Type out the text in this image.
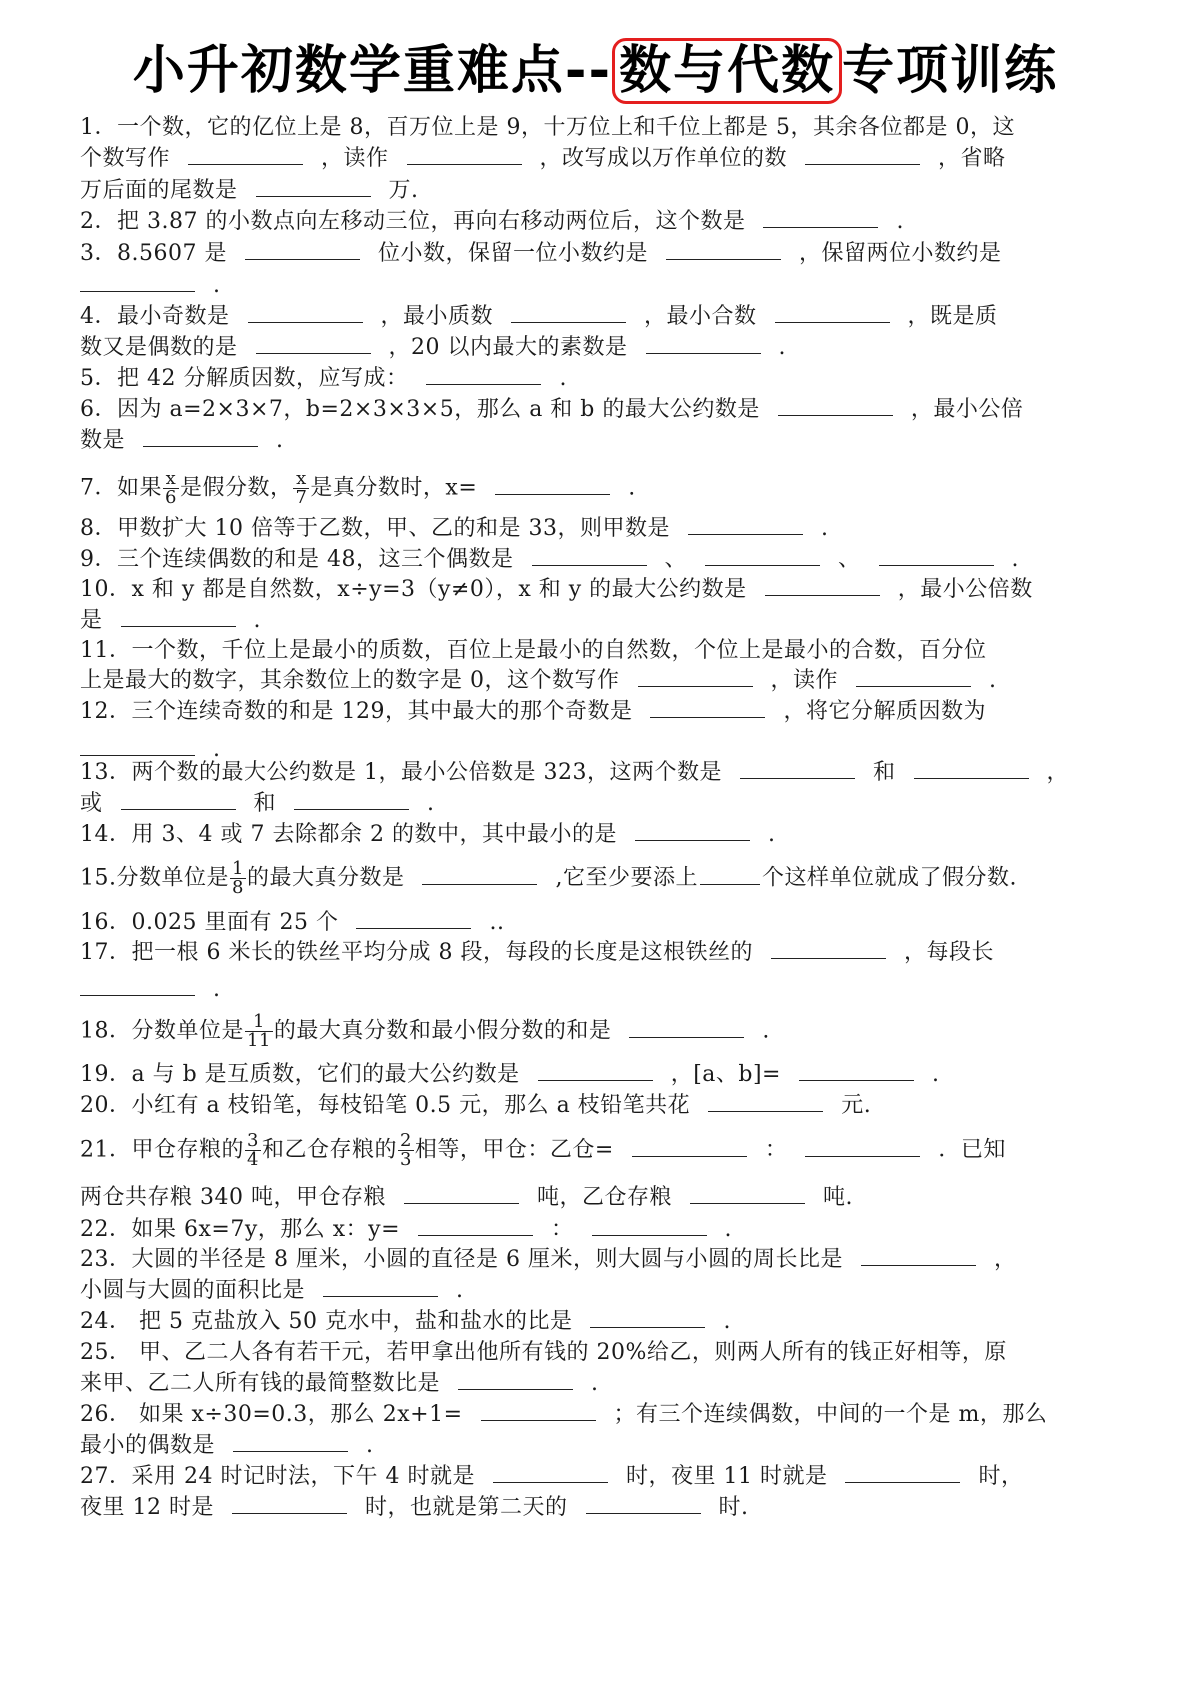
小升初数学重难点-- 数与代数 专项训练
1．一个数，它的亿位上是 8，百万位上是 9，十万位上和千位上都是 5，其余各位都是 0，这
个数写作	，读作	，改写成以万作单位的数	，省略
万后面的尾数是	万.
2．把 3.87 的小数点向左移动三位，再向右移动两位后，这个数是	.
3．8.5607 是	位小数，保留一位小数约是	，保留两位小数约是
.
4．最小奇数是	，最小质数	，最小合数	，既是质
数又是偶数的是	，20 以内最大的素数是	.
5．把 42 分解质因数，应写成：	.
6．因为 a=2×3×7，b=2×3×3×5，那么 a 和 b 的最大公约数是	，最小公倍
数是	.
7．如果 $\frac{x}{6}$ 是假分数， $\frac{x}{7}$ 是真分数时，x=	.
8．甲数扩大 10 倍等于乙数，甲、乙的和是 33，则甲数是	.
9．三个连续偶数的和是 48，这三个偶数是	、	、	.
10．x 和 y 都是自然数，x÷y=3（y≠0），x 和 y 的最大公约数是	，最小公倍数
是	.
11．一个数，千位上是最小的质数，百位上是最小的自然数，个位上是最小的合数，百分位
上是最大的数字，其余数位上的数字是 0，这个数写作	，读作	.
12．三个连续奇数的和是 129，其中最大的那个奇数是	，将它分解质因数为
.
13．两个数的最大公约数是 1，最小公倍数是 323，这两个数是	和	，
或	和	.
14．用 3、4 或 7 去除都余 2 的数中，其中最小的是	.
15.分数单位是 $\frac{1}{8}$ 的最大真分数是	,它至少要添上	个这样单位就成了假分数.
16．0.025 里面有 25 个	..
17．把一根 6 米长的铁丝平均分成 8 段，每段的长度是这根铁丝的	，每段长
.
18．分数单位是 $\frac{1}{11}$ 的最大真分数和最小假分数的和是	.
19．a 与 b 是互质数，它们的最大公约数是	，[a、b]=	.
20．小红有 a 枝铅笔，每枝铅笔 0.5 元，那么 a 枝铅笔共花	元.
21．甲仓存粮的 $\frac{3}{4}$ 和乙仓存粮的 $\frac{2}{3}$ 相等，甲仓：乙仓=	：	．已知
两仓共存粮 340 吨，甲仓存粮	吨，乙仓存粮	吨.
22．如果 6x=7y，那么 x：y=	：	.
23．大圆的半径是 8 厘米，小圆的直径是 6 厘米，则大圆与小圆的周长比是	，
小圆与大圆的面积比是	.
24． 把 5 克盐放入 50 克水中，盐和盐水的比是	.
25． 甲、乙二人各有若干元，若甲拿出他所有钱的 20%给乙，则两人所有的钱正好相等，原
来甲、乙二人所有钱的最简整数比是	.
26． 如果 x÷30=0.3，那么 2x+1=	；有三个连续偶数，中间的一个是 m，那么
最小的偶数是	.
27．采用 24 时记时法，下午 4 时就是	时，夜里 11 时就是	时，
夜里 12 时是	时，也就是第二天的	时.
